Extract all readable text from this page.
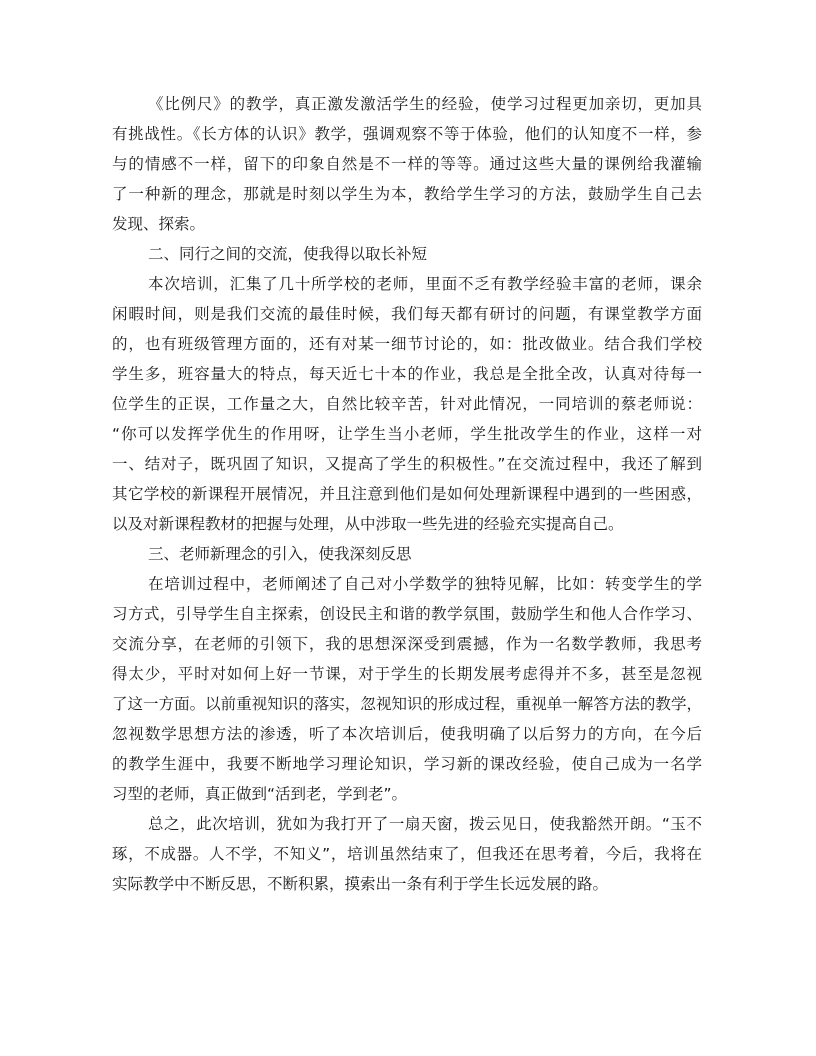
《比例尺》的教学，真正激发激活学生的经验，使学习过程更加亲切，更加具
有挑战性。《长方体的认识》教学，强调观察不等于体验，他们的认知度不一样，参
与的情感不一样，留下的印象自然是不一样的等等。通过这些大量的课例给我灌输
了一种新的理念，那就是时刻以学生为本，教给学生学习的方法，鼓励学生自己去
发现、探索。
二、同行之间的交流，使我得以取长补短
本次培训，汇集了几十所学校的老师，里面不乏有教学经验丰富的老师，课余
闲暇时间，则是我们交流的最佳时候，我们每天都有研讨的问题，有课堂教学方面
的，也有班级管理方面的，还有对某一细节讨论的，如：批改做业。结合我们学校
学生多，班容量大的特点，每天近七十本的作业，我总是全批全改，认真对待每一
位学生的正误，工作量之大，自然比较辛苦，针对此情况，一同培训的蔡老师说：
“你可以发挥学优生的作用呀，让学生当小老师，学生批改学生的作业，这样一对
一、结对子，既巩固了知识，又提高了学生的积极性。”在交流过程中，我还了解到
其它学校的新课程开展情况，并且注意到他们是如何处理新课程中遇到的一些困惑，
以及对新课程教材的把握与处理，从中涉取一些先进的经验充实提高自己。
三、老师新理念的引入，使我深刻反思
在培训过程中，老师阐述了自己对小学数学的独特见解，比如：转变学生的学
习方式，引导学生自主探索，创设民主和谐的教学氛围，鼓励学生和他人合作学习、
交流分享，在老师的引领下，我的思想深深受到震撼，作为一名数学教师，我思考
得太少，平时对如何上好一节课，对于学生的长期发展考虑得并不多，甚至是忽视
了这一方面。以前重视知识的落实，忽视知识的形成过程，重视单一解答方法的教学，
忽视数学思想方法的渗透，听了本次培训后，使我明确了以后努力的方向，在今后
的教学生涯中，我要不断地学习理论知识，学习新的课改经验，使自己成为一名学
习型的老师，真正做到“活到老，学到老”。
总之，此次培训，犹如为我打开了一扇天窗，拨云见日，使我豁然开朗。“玉不
琢，不成器。人不学，不知义”，培训虽然结束了，但我还在思考着，今后，我将在
实际教学中不断反思，不断积累，摸索出一条有利于学生长远发展的路。
